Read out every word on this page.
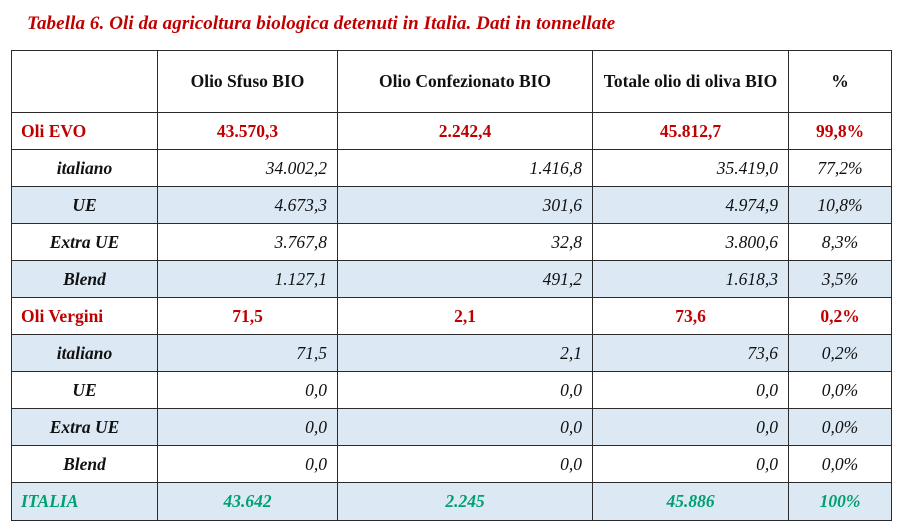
Tabella 6. Oli da agricoltura biologica detenuti in Italia. Dati in tonnellate
	Olio Sfuso BIO	Olio Confezionato BIO	Totale olio di oliva BIO	%
Oli EVO	43.570,3	2.242,4	45.812,7	99,8%
italiano	34.002,2	1.416,8	35.419,0	77,2%
UE	4.673,3	301,6	4.974,9	10,8%
Extra UE	3.767,8	32,8	3.800,6	8,3%
Blend	1.127,1	491,2	1.618,3	3,5%
Oli Vergini	71,5	2,1	73,6	0,2%
italiano	71,5	2,1	73,6	0,2%
UE	0,0	0,0	0,0	0,0%
Extra UE	0,0	0,0	0,0	0,0%
Blend	0,0	0,0	0,0	0,0%
ITALIA	43.642	2.245	45.886	100%
